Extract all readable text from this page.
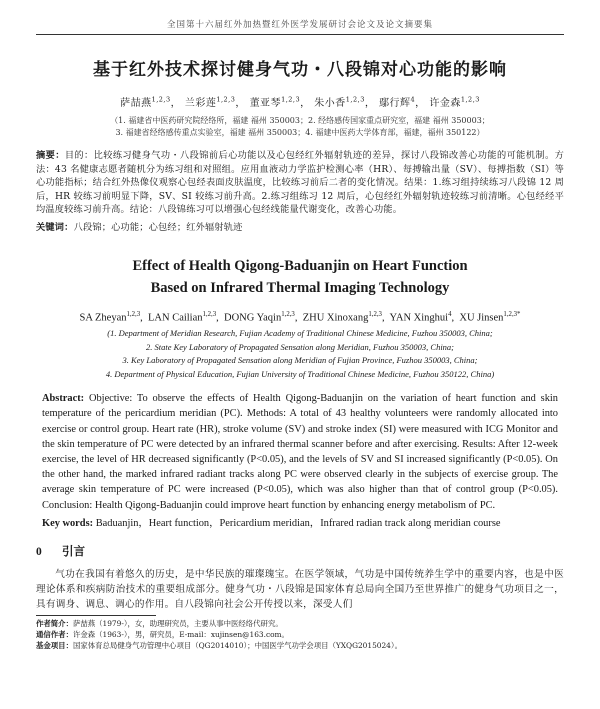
全国第十六届红外加热暨红外医学发展研讨会论文及论文摘要集
基于红外技术探讨健身气功・八段锦对心功能的影响
萨喆燕$^{1,2,3}$， 兰彩莲$^{1,2,3}$， 董亚琴$^{1,2,3}$， 朱小香$^{1,2,3}$， 鄢行辉$^4$， 许金森$^{1,2,3}$
（1. 福建省中医药研究院经络所，福建 福州 350003；2. 经络感传国家重点研究室，福建 福州 350003；
3. 福建省经络感传重点实验室，福建 福州 350003；4. 福建中医药大学体育部，福建，福州 350122）
摘要：目的：比较练习健身气功・八段锦前后心功能以及心包经红外辐射轨迹的差异，探讨八段锦改善心功能的可能机制。方法：43 名健康志愿者随机分为练习组和对照组。应用血液动力学监护检测心率（HR）、每搏输出量（SV）、每搏指数（SI）等心功能指标；结合红外热像仪观察心包经表面皮肤温度，比较练习前后二者的变化情况。结果：1.练习组持续练习八段锦 12 周后，HR 较练习前明显下降，SV、SI 较练习前升高。2.练习组练习 12 周后，心包经红外辐射轨迹较练习前清晰。心包经经平均温度较练习前升高。结论：八段锦练习可以增强心包经线能量代谢变化，改善心功能。
关键词：八段锦；心功能；心包经；红外辐射轨迹
Effect of Health Qigong-Baduanjin on Heart Function
Based on Infrared Thermal Imaging Technology
SA Zheyan$^{1,2,3}$,  LAN Cailian$^{1,2,3}$,  DONG Yaqin$^{1,2,3}$,  ZHU Xinoxang$^{1,2,3}$,  YAN Xinghui$^4$,  XU Jinsen$^{1,2,3*}$
(1. Department of Meridian Research, Fujian Academy of Traditional Chinese Medicine, Fuzhou 350003, China;
2. State Key Laboratory of Propagated Sensation along Meridian, Fuzhou 350003, China;
3. Key Laboratory of Propagated Sensation along Meridian of Fujian Province, Fuzhou 350003, China;
4. Department of Physical Education, Fujian University of Traditional Chinese Medicine, Fuzhou 350122, China)
Abstract: Objective: To observe the effects of Health Qigong-Baduanjin on the variation of heart function and skin temperature of the pericardium meridian (PC). Methods: A total of 43 healthy volunteers were randomly allocated into exercise or control group. Heart rate (HR), stroke volume (SV) and stroke index (SI) were measured with ICG Monitor and the skin temperature of PC were detected by an infrared thermal scanner before and after exercising. Results: After 12-week exercise, the level of HR decreased significantly (P<0.05), and the levels of SV and SI increased significantly (P<0.05). On the other hand, the marked infrared radiant tracks along PC were observed clearly in the subjects of exercise group. The average skin temperature of PC were increased (P<0.05), which was also higher than that of control group (P<0.05). Conclusion: Health Qigong-Baduanjin could improve heart function by enhancing energy metabolism of PC.
Key words: Baduanjin，Heart function，Pericardium meridian，Infrared radian track along meridian course
0 引言
气功在我国有着悠久的历史，是中华民族的璀璨瑰宝。在医学领域，气功是中国传统养生学中的重要内容，也是中医理论体系和疾病防治技术的重要组成部分。健身气功・八段锦是国家体育总局向全国乃至世界推广的健身气功项目之一，具有调身、调息、调心的作用。自八段锦向社会公开传授以来，深受人们
作者简介：萨喆燕（1979-），女，助理研究员，主要从事中医经络代研究。
通信作者：许金森（1963-），男，研究员，E-mail：xujinsen@163.com。
基金项目：国家体育总局健身气功管理中心项目（QG2014010）；中国医学气功学会项目（YXQG2015024）。
